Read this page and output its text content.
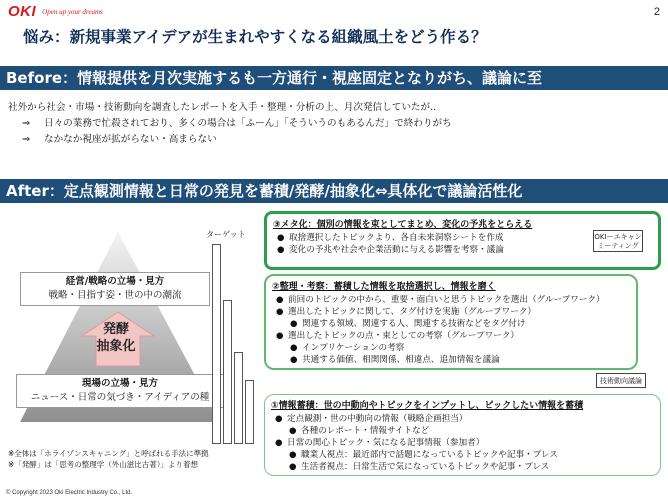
OKI Open up your dreams	2
悩み：新規事業アイデアが生まれやすくなる組織風土をどう作る？
Before：情報提供を月次実施するも一方通行・視座固定となりがち、議論に至
社外から社会・市場・技術動向を調査したレポートを入手・整理・分析の上、月次発信していたが..
⇒ 日々の業務で忙殺されており、多くの場合は「ふーん」「そういうのもあるんだ」で終わりがち
⇒ なかなか視座が拡がらない・高まらない
After：定点観測情報と日常の発見を蓄積/発酵/抽象化⇔具体化で議論活性化
経営/戦略の立場・見方
戦略・目指す姿・世の中の潮流
発酵
抽象化
現場の立場・見方
ニュース・日常の気づき・アイディアの種
ターゲット
※全体は「ホライゾンスキャニング」と呼ばれる手法に準拠
※「発酵」は「思考の整理学（外山滋比古著）」より着想
③メタ化：個別の情報を束としてまとめ、変化の予兆をとらえる
● 取捨選択したトピックより、各自未来洞察シートを作成
● 変化の予兆や社会や企業活動に与える影響を考察・議論
OKIーエキャン
ミーティング
②整理・考察：蓄積した情報を取捨選択し、情報を磨く
● 前回のトピックの中から、重要・面白いと思うトピックを選出（グループワーク）
● 選出したトピックに関して、タグ付けを実施（グループワーク）
● 関連する領域、関連する人、関連する技術などをタグ付け
● 選出したトピックの点・束としての考察（グループワーク）
● インプリケーションの考察
● 共通する価値、相関関係、相違点、追加情報を議論
技術動向議論
①情報蓄積：世の中動向やトピックをインプットし、ピックしたい情報を蓄積
● 定点観測・世の中動向の情報（戦略企画担当）
● 各種のレポート・情報サイトなど
● 日常の関心トピック・気になる記事情報（参加者）
● 職業人視点：最近部内で話題になっているトピックや記事・プレス
● 生活者視点：日常生活で気になっているトピックや記事・プレス
© Copyright 2023 Oki Electric Industry Co., Ltd.
